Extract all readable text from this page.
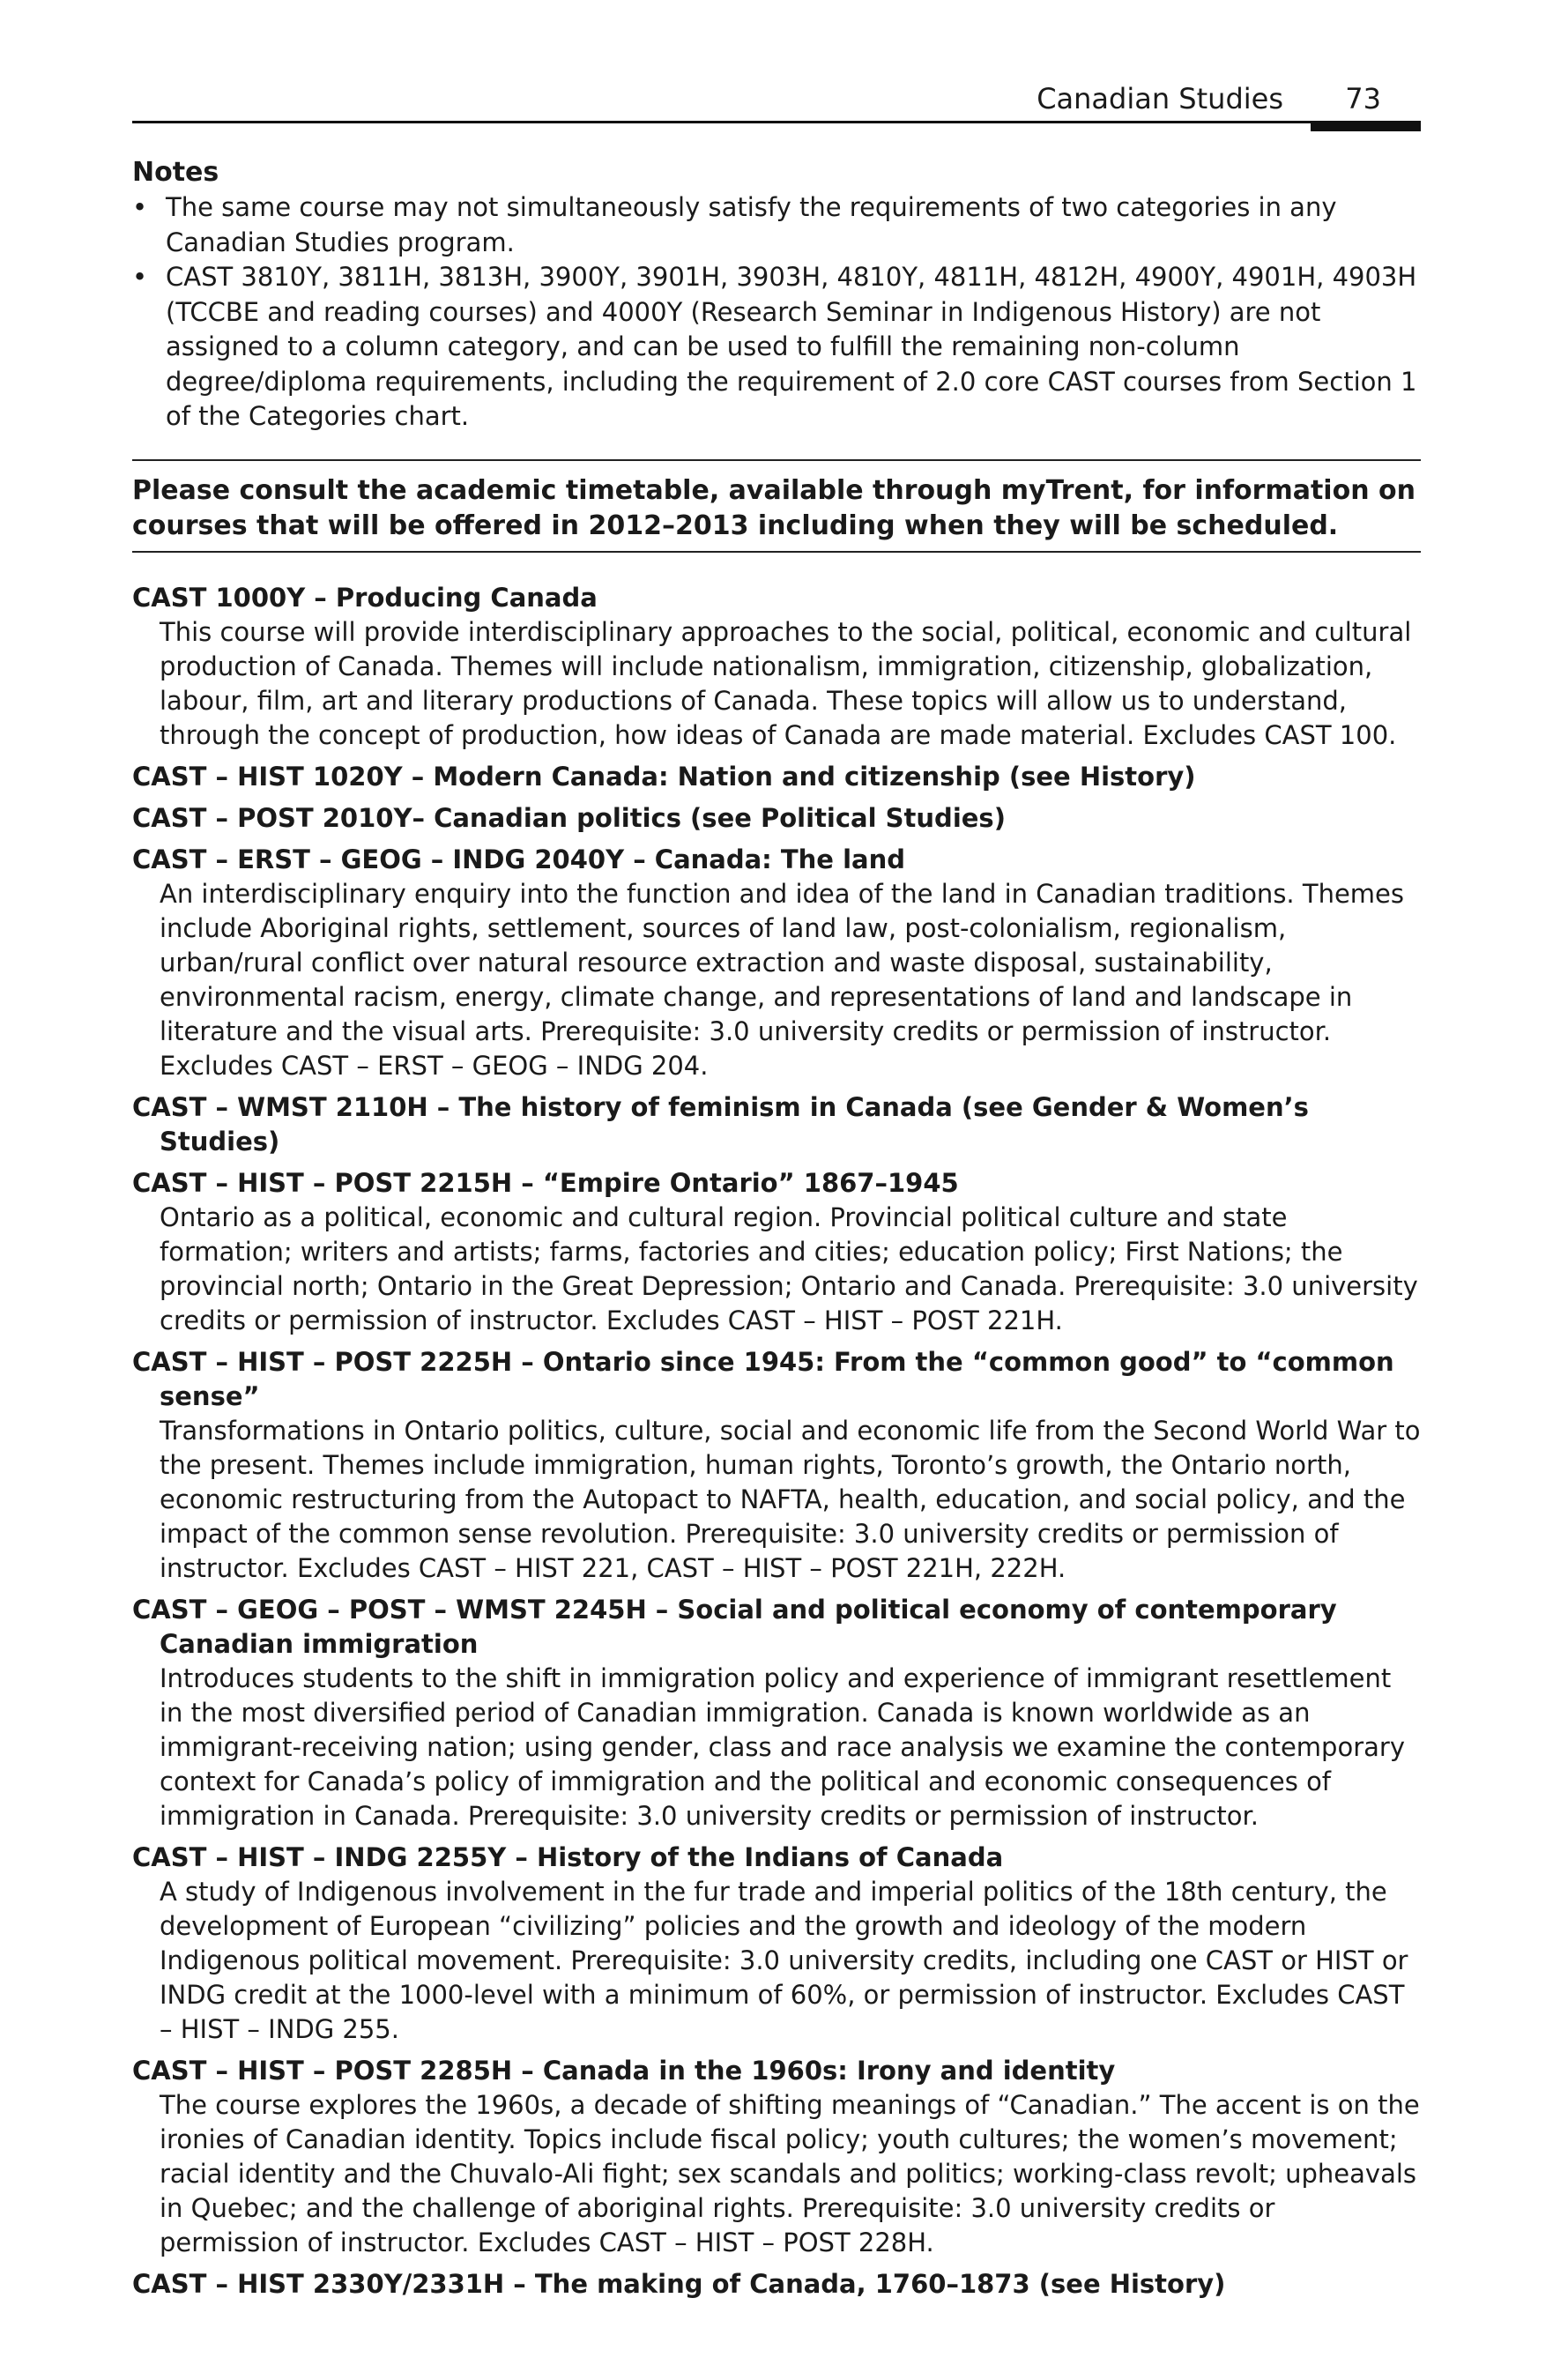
Canadian Studies 73

Notes

• The same course may not simultaneously satisfy the requirements of two categories in any Canadian Studies program.

• CAST 3810Y, 3811H, 3813H, 3900Y, 3901H, 3903H, 4810Y, 4811H, 4812H, 4900Y, 4901H, 4903H (TCCBE and reading courses) and 4000Y (Research Seminar in Indigenous History) are not assigned to a column category, and can be used to fulfill the remaining non-column degree/diploma requirements, including the requirement of 2.0 core CAST courses from Section 1 of the Categories chart.

Please consult the academic timetable, available through myTrent, for information on courses that will be offered in 2012–2013 including when they will be scheduled.

CAST 1000Y – Producing Canada

This course will provide interdisciplinary approaches to the social, political, economic and cultural production of Canada. Themes will include nationalism, immigration, citizenship, globalization, labour, film, art and literary productions of Canada. These topics will allow us to understand, through the concept of production, how ideas of Canada are made material. Excludes CAST 100.

CAST – HIST 1020Y – Modern Canada: Nation and citizenship (see History)

CAST – POST 2010Y– Canadian politics (see Political Studies)

CAST – ERST – GEOG – INDG 2040Y – Canada: The land

An interdisciplinary enquiry into the function and idea of the land in Canadian traditions. Themes include Aboriginal rights, settlement, sources of land law, post-colonialism, regionalism, urban/rural conflict over natural resource extraction and waste disposal, sustainability, environmental racism, energy, climate change, and representations of land and landscape in literature and the visual arts. Prerequisite: 3.0 university credits or permission of instructor. Excludes CAST – ERST – GEOG – INDG 204.

CAST – WMST 2110H – The history of feminism in Canada (see Gender & Women’s Studies)

CAST – HIST – POST 2215H – “Empire Ontario” 1867–1945

Ontario as a political, economic and cultural region. Provincial political culture and state formation; writers and artists; farms, factories and cities; education policy; First Nations; the provincial north; Ontario in the Great Depression; Ontario and Canada. Prerequisite: 3.0 university credits or permission of instructor. Excludes CAST – HIST – POST 221H.

CAST – HIST – POST 2225H – Ontario since 1945: From the “common good” to “common sense”

Transformations in Ontario politics, culture, social and economic life from the Second World War to the present. Themes include immigration, human rights, Toronto’s growth, the Ontario north, economic restructuring from the Autopact to NAFTA, health, education, and social policy, and the impact of the common sense revolution. Prerequisite: 3.0 university credits or permission of instructor. Excludes CAST – HIST 221, CAST – HIST – POST 221H, 222H.

CAST – GEOG – POST – WMST 2245H – Social and political economy of contemporary Canadian immigration

Introduces students to the shift in immigration policy and experience of immigrant resettlement in the most diversified period of Canadian immigration. Canada is known worldwide as an immigrant-receiving nation; using gender, class and race analysis we examine the contemporary context for Canada’s policy of immigration and the political and economic consequences of immigration in Canada. Prerequisite: 3.0 university credits or permission of instructor.

CAST – HIST – INDG 2255Y – History of the Indians of Canada

A study of Indigenous involvement in the fur trade and imperial politics of the 18th century, the development of European “civilizing” policies and the growth and ideology of the modern Indigenous political movement. Prerequisite: 3.0 university credits, including one CAST or HIST or INDG credit at the 1000-level with a minimum of 60%, or permission of instructor. Excludes CAST – HIST – INDG 255.

CAST – HIST – POST 2285H – Canada in the 1960s: Irony and identity

The course explores the 1960s, a decade of shifting meanings of “Canadian.” The accent is on the ironies of Canadian identity. Topics include fiscal policy; youth cultures; the women’s movement; racial identity and the Chuvalo-Ali fight; sex scandals and politics; working-class revolt; upheavals in Quebec; and the challenge of aboriginal rights. Prerequisite: 3.0 university credits or permission of instructor. Excludes CAST – HIST – POST 228H.

CAST – HIST 2330Y/2331H – The making of Canada, 1760–1873 (see History)
